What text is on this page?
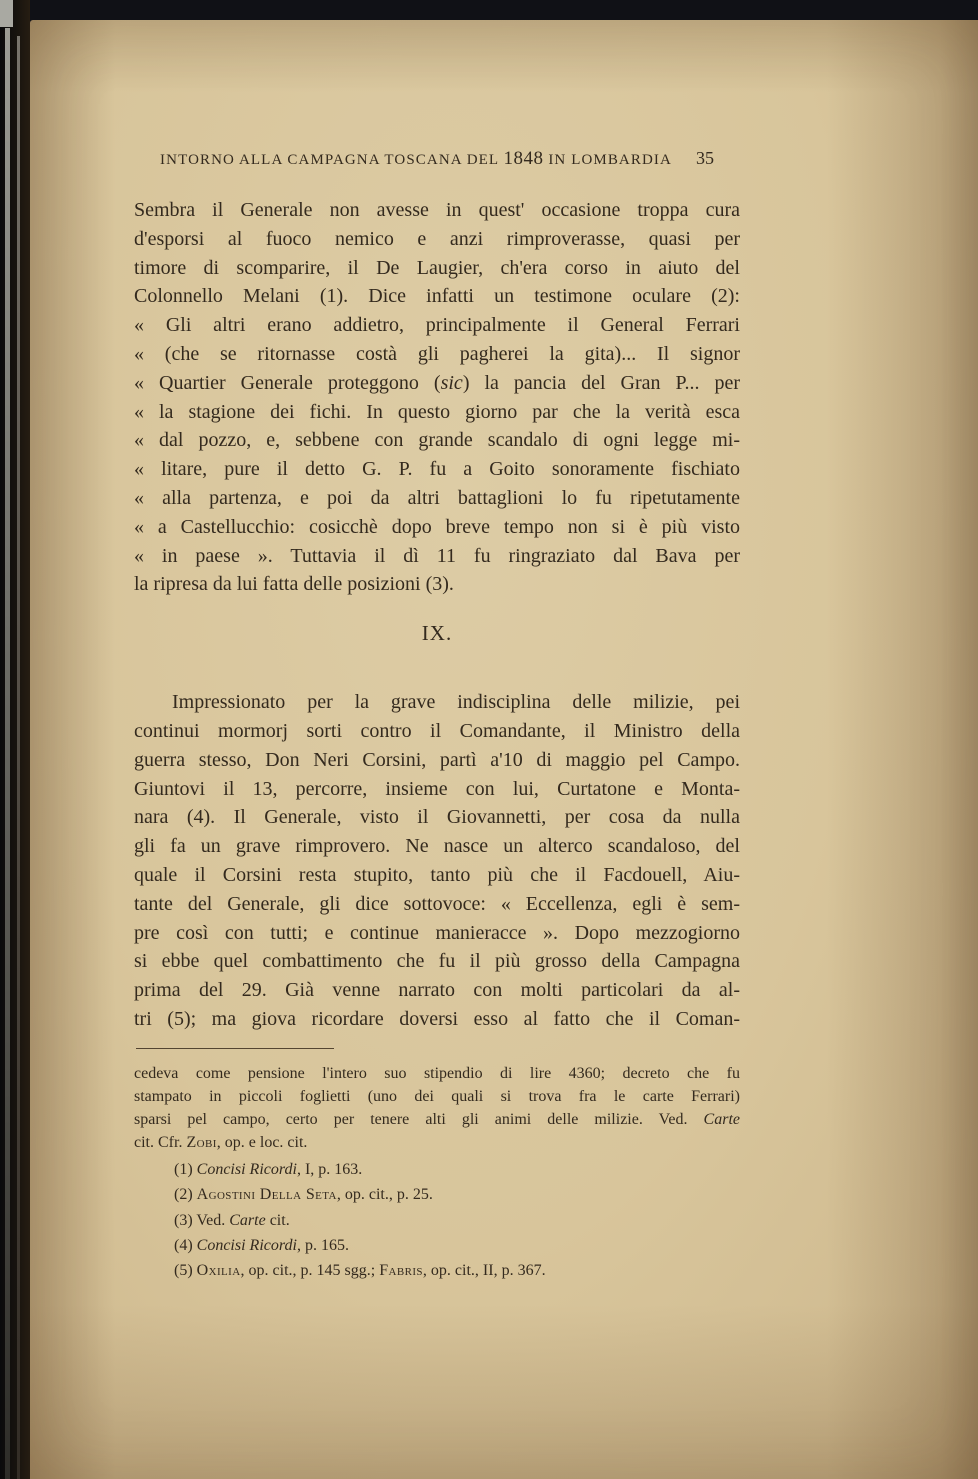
INTORNO ALLA CAMPAGNA TOSCANA DEL 1848 IN LOMBARDIA 35
Sembra il Generale non avesse in quest' occasione troppa cura
d'esporsi al fuoco nemico e anzi rimproverasse, quasi per
timore di scomparire, il De Laugier, ch'era corso in aiuto del
Colonnello Melani (1). Dice infatti un testimone oculare (2):
« Gli altri erano addietro, principalmente il General Ferrari
« (che se ritornasse costà gli pagherei la gita)... Il signor
« Quartier Generale proteggono (sic) la pancia del Gran P... per
« la stagione dei fichi. In questo giorno par che la verità esca
« dal pozzo, e, sebbene con grande scandalo di ogni legge mi-
« litare, pure il detto G. P. fu a Goito sonoramente fischiato
« alla partenza, e poi da altri battaglioni lo fu ripetutamente
« a Castellucchio: cosicchè dopo breve tempo non si è più visto
« in paese ». Tuttavia il dì 11 fu ringraziato dal Bava per
la ripresa da lui fatta delle posizioni (3).
IX.
Impressionato per la grave indisciplina delle milizie, pei
continui mormorj sorti contro il Comandante, il Ministro della
guerra stesso, Don Neri Corsini, partì a'10 di maggio pel Campo.
Giuntovi il 13, percorre, insieme con lui, Curtatone e Monta-
nara (4). Il Generale, visto il Giovannetti, per cosa da nulla
gli fa un grave rimprovero. Ne nasce un alterco scandaloso, del
quale il Corsini resta stupito, tanto più che il Facdouell, Aiu-
tante del Generale, gli dice sottovoce: « Eccellenza, egli è sem-
pre così con tutti; e continue manieracce ». Dopo mezzogiorno
si ebbe quel combattimento che fu il più grosso della Campagna
prima del 29. Già venne narrato con molti particolari da al-
tri (5); ma giova ricordare doversi esso al fatto che il Coman-
cedeva come pensione l'intero suo stipendio di lire 4360; decreto che fu
stampato in piccoli foglietti (uno dei quali si trova fra le carte Ferrari)
sparsi pel campo, certo per tenere alti gli animi delle milizie. Ved. Carte
cit. Cfr. Zobi, op. e loc. cit.
(1) Concisi Ricordi, I, p. 163.
(2) Agostini Della Seta, op. cit., p. 25.
(3) Ved. Carte cit.
(4) Concisi Ricordi, p. 165.
(5) Oxilia, op. cit., p. 145 sgg.; Fabris, op. cit., II, p. 367.
